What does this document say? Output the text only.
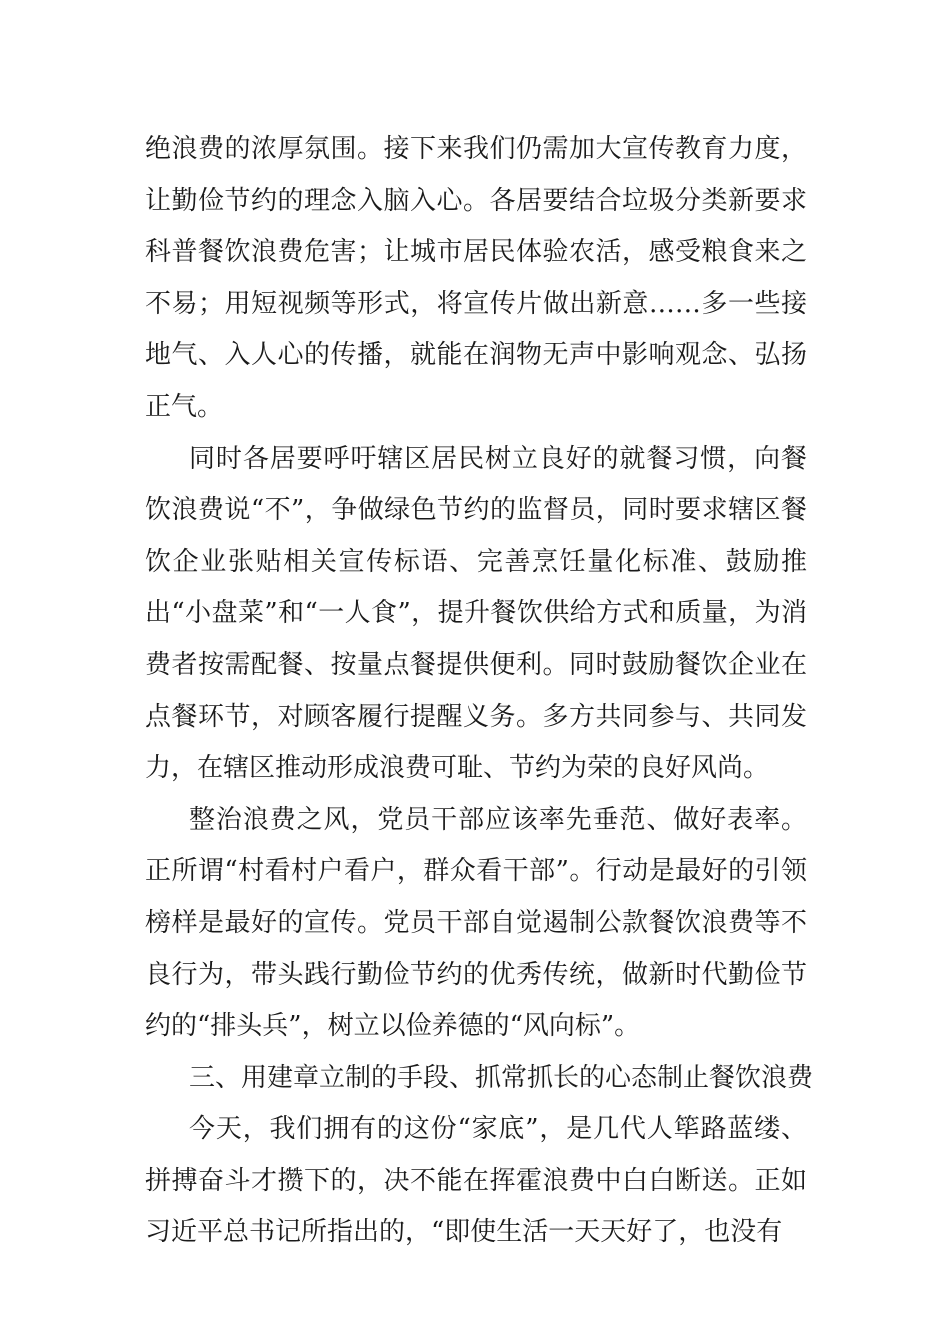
绝浪费的浓厚氛围。接下来我们仍需加大宣传教育力度，让勤俭节约的理念入脑入心。各居要结合垃圾分类新要求科普餐饮浪费危害；让城市居民体验农活，感受粮食来之不易；用短视频等形式，将宣传片做出新意……多一些接地气、入人心的传播，就能在润物无声中影响观念、弘扬正气。

同时各居要呼吁辖区居民树立良好的就餐习惯，向餐饮浪费说“不”，争做绿色节约的监督员，同时要求辖区餐饮企业张贴相关宣传标语、完善烹饪量化标准、鼓励推出“小盘菜”和“一人食”，提升餐饮供给方式和质量，为消费者按需配餐、按量点餐提供便利。同时鼓励餐饮企业在点餐环节，对顾客履行提醒义务。多方共同参与、共同发力，在辖区推动形成浪费可耻、节约为荣的良好风尚。

整治浪费之风，党员干部应该率先垂范、做好表率。正所谓“村看村户看户，群众看干部”。行动是最好的引领榜样是最好的宣传。党员干部自觉遏制公款餐饮浪费等不良行为，带头践行勤俭节约的优秀传统，做新时代勤俭节约的“排头兵”，树立以俭养德的“风向标”。

三、用建章立制的手段、抓常抓长的心态制止餐饮浪费

今天，我们拥有的这份“家底”，是几代人筚路蓝缕、拼搏奋斗才攒下的，决不能在挥霍浪费中白白断送。正如习近平总书记所指出的，“即使生活一天天好了，也没有
